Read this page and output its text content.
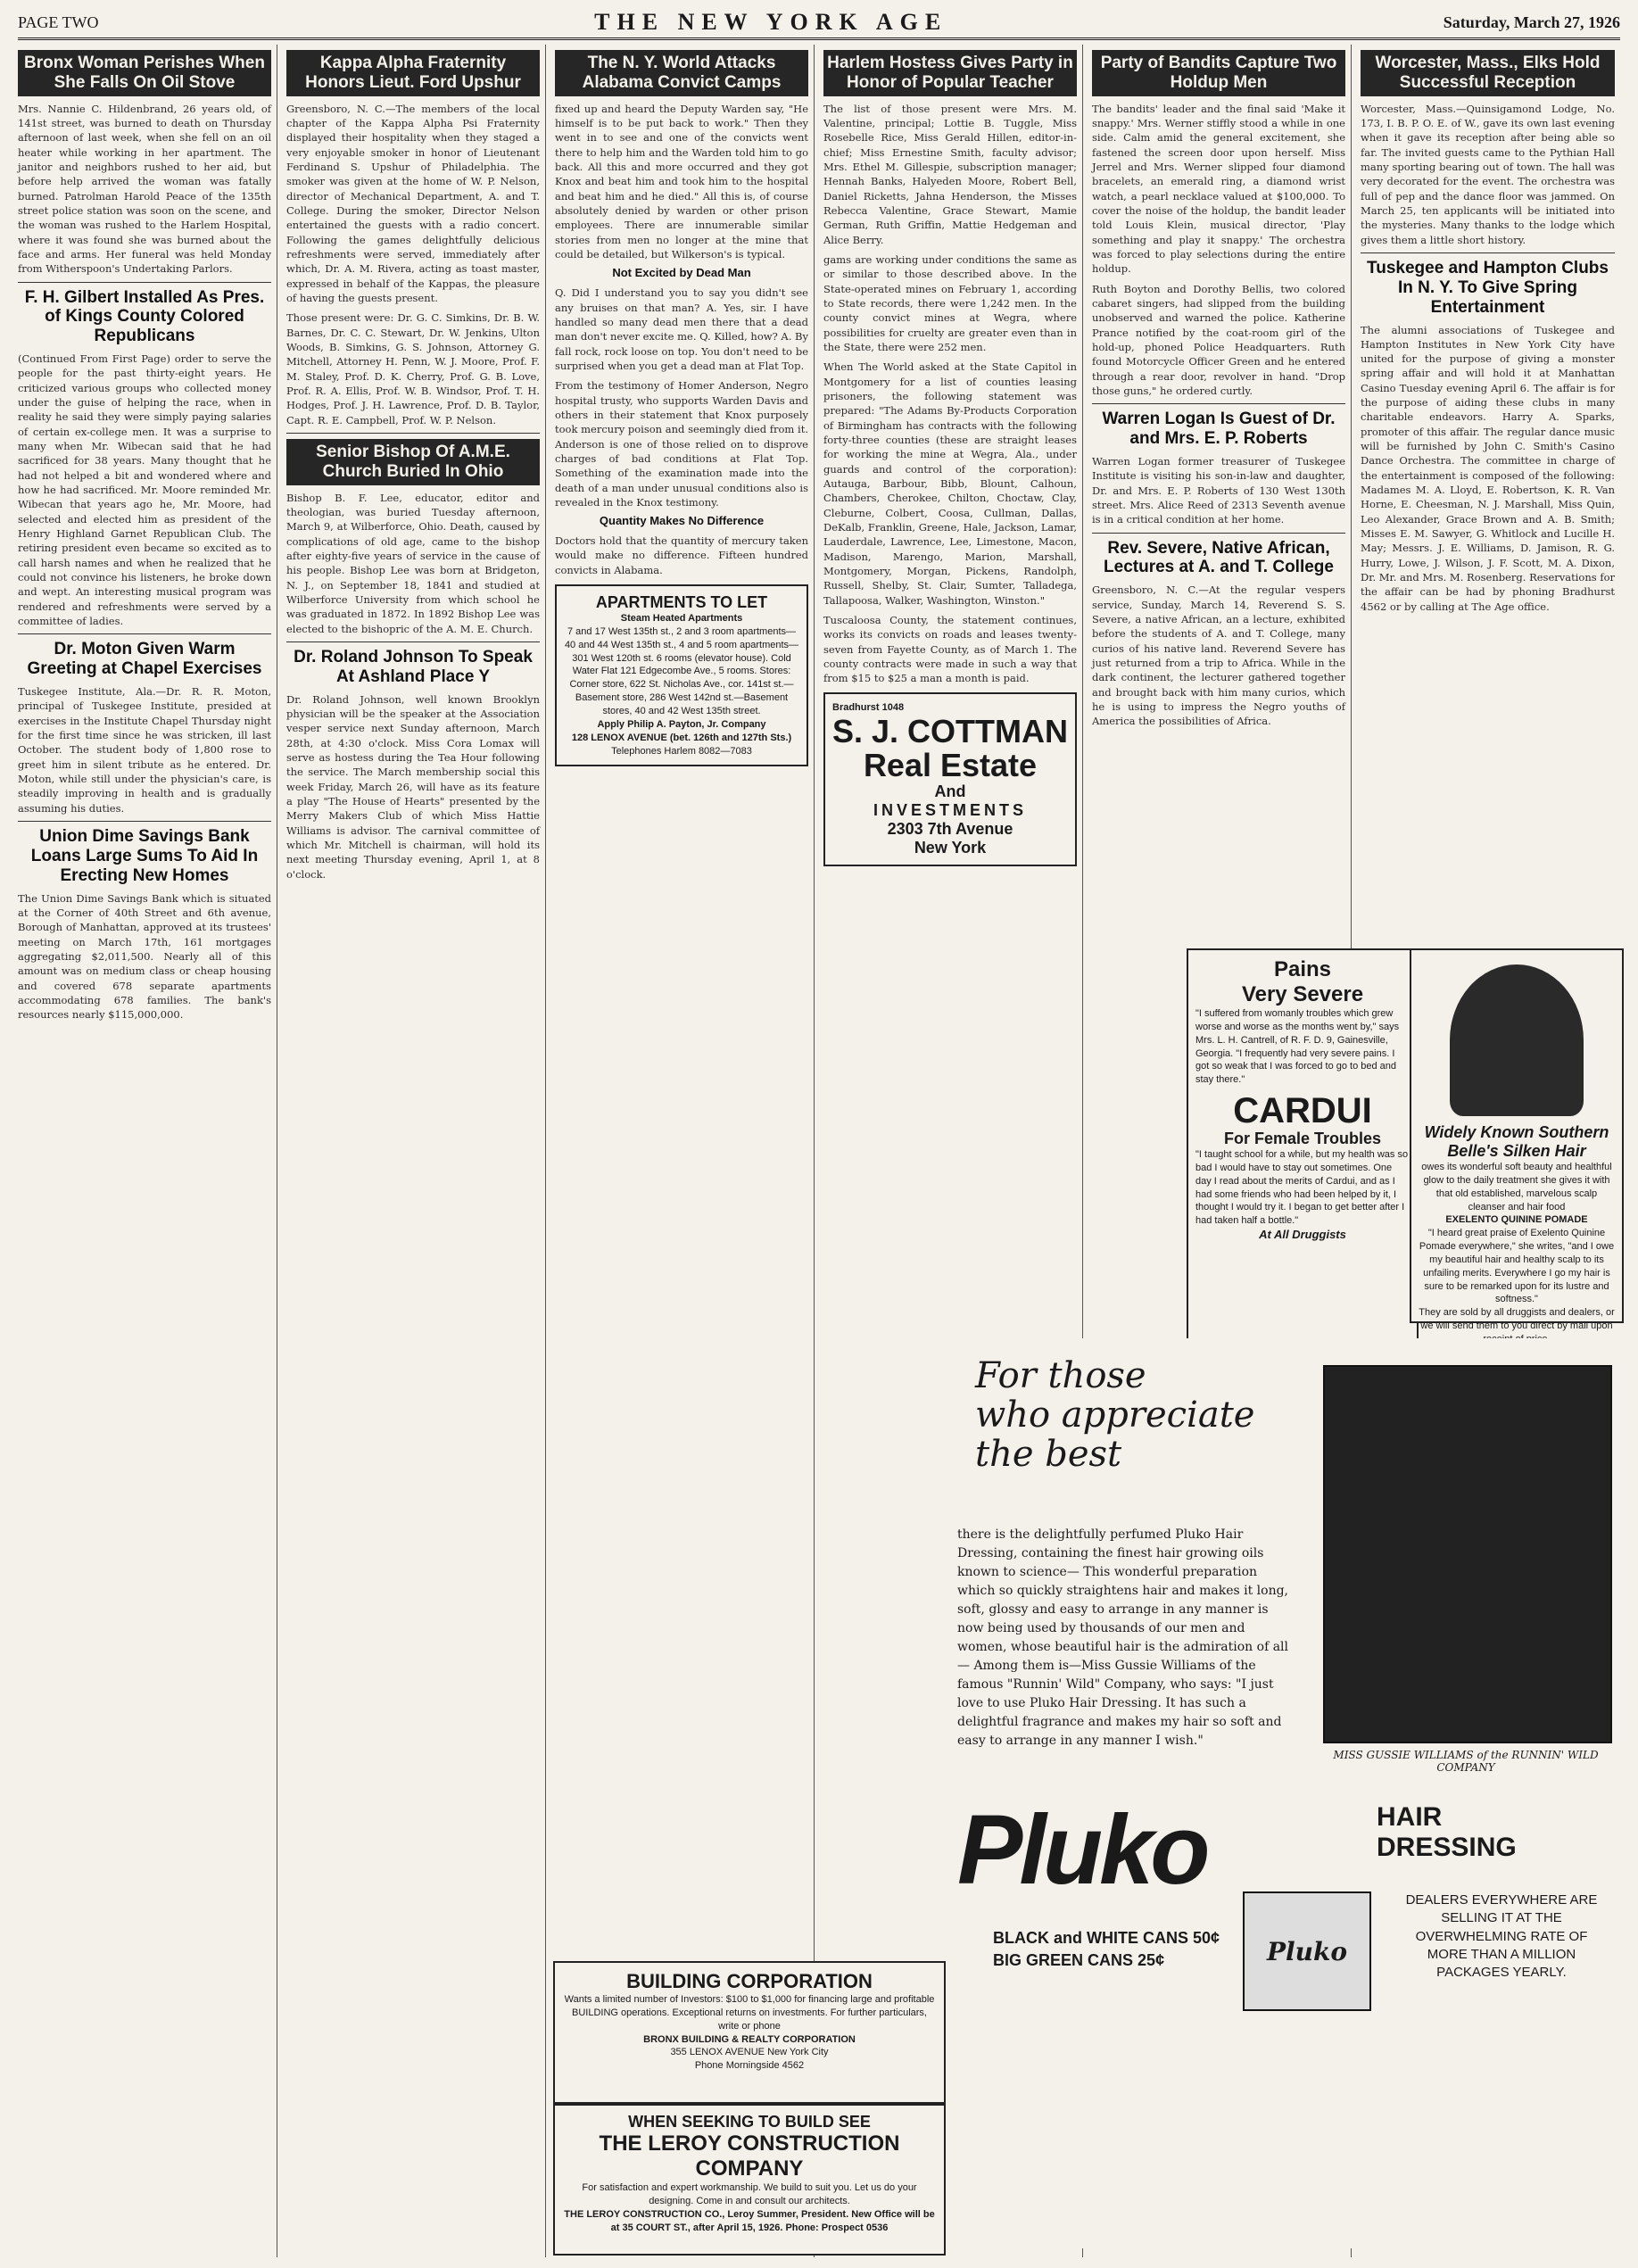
PAGE TWO	THE NEW YORK AGE	Saturday, March 27, 1926
Bronx Woman Perishes When She Falls On Oil Stove
Mrs. Nannie C. Hildenbrand, 26 years old, of 141st street, was burned to death on Thursday afternoon of last week, when she fell on an oil heater while working in her apartment. The janitor and neighbors rushed to her aid, but before help arrived the woman was fatally burned. Patrolman Harold Peace of the 135th street police station was soon on the scene, and the woman was rushed to the Harlem Hospital, where it was found she was burned about the face and arms. Her funeral was held Monday from Witherspoon's Undertaking Parlors.
F. H. Gilbert Installed As Pres. of Kings County Colored Republicans
(Continued From First Page) order to serve the people for the past thirty-eight years. He criticized various groups who collected money under the guise of helping the race, when in reality he said they were simply paying salaries of certain ex-college men. It was a surprise to many when Mr. Wibecan said that he had sacrificed for 38 years. Many thought that he had not helped a bit and wondered where and how he had sacrificed. Mr. Moore reminded Mr. Wibecan that years ago he, Mr. Moore, had selected and elected him as president of the Henry Highland Garnet Republican Club. The retiring president even became so excited as to call harsh names and when he realized that he could not convince his listeners, he broke down and wept. An interesting musical program was rendered and refreshments were served by a committee of ladies.
Dr. Moton Given Warm Greeting at Chapel Exercises
Tuskegee Institute, Ala.—Dr. R. R. Moton, principal of Tuskegee Institute, presided at exercises in the Institute Chapel Thursday night for the first time since he was stricken, ill last October. The student body of 1,800 rose to greet him in silent tribute as he entered. Dr. Moton, while still under the physician's care, is steadily improving in health and is gradually assuming his duties.
Union Dime Savings Bank Loans Large Sums To Aid In Erecting New Homes
The Union Dime Savings Bank which is situated at the Corner of 40th Street and 6th avenue, Borough of Manhattan, approved at its trustees' meeting on March 17th, 161 mortgages aggregating $2,011,500. Nearly all of this amount was on medium class or cheap housing and covered 678 separate apartments accommodating 678 families. The bank's resources nearly $115,000,000.
Kappa Alpha Fraternity Honors Lieut. Ford Upshur
Greensboro, N. C.—The members of the local chapter of the Kappa Alpha Psi Fraternity displayed their hospitality when they staged a very enjoyable smoker in honor of Lieutenant Ferdinand S. Upshur of Philadelphia. The smoker was given at the home of W. P. Nelson, director of Mechanical Department, A. and T. College. During the smoker, Director Nelson entertained the guests with a radio concert. Following the games delightfully delicious refreshments were served, immediately after which, Dr. A. M. Rivera, acting as toast master, expressed in behalf of the Kappas, the pleasure of having the guests present.
Those present were: Dr. G. C. Simkins, Dr. B. W. Barnes, Dr. C. C. Stewart, Dr. W. Jenkins, Ulton Woods, B. Simkins, G. S. Johnson, Attorney G. Mitchell, Attorney H. Penn, W. J. Moore, Prof. F. M. Staley, Prof. D. K. Cherry, Prof. G. B. Love, Prof. R. A. Ellis, Prof. W. B. Windsor, Prof. T. H. Hodges, Prof. J. H. Lawrence, Prof. D. B. Taylor, Capt. R. E. Campbell, Prof. W. P. Nelson.
Senior Bishop Of A.M.E. Church Buried In Ohio
Bishop B. F. Lee, educator, editor and theologian, was buried Tuesday afternoon, March 9, at Wilberforce, Ohio. Death, caused by complications of old age, came to the bishop after eighty-five years of service in the cause of his people. Bishop Lee was born at Bridgeton, N. J., on September 18, 1841 and studied at Wilberforce University from which school he was graduated in 1872. In 1892 Bishop Lee was elected to the bishopric of the A. M. E. Church.
Dr. Roland Johnson To Speak At Ashland Place Y
Dr. Roland Johnson, well known Brooklyn physician will be the speaker at the Association vesper service next Sunday afternoon, March 28th, at 4:30 o'clock. Miss Cora Lomax will serve as hostess during the Tea Hour following the service. The March membership social this week Friday, March 26, will have as its feature a play "The House of Hearts" presented by the Merry Makers Club of which Miss Hattie Williams is advisor. The carnival committee of which Mr. Mitchell is chairman, will hold its next meeting Thursday evening, April 1, at 8 o'clock.
The N. Y. World Attacks Alabama Convict Camps
fixed up and heard the Deputy Warden say, "He himself is to be put back to work." Then they went in to see and one of the convicts went there to help him and the Warden told him to go back. All this and more occurred and they got Knox and beat him and took him to the hospital and beat him and he died." All this is, of course absolutely denied by warden or other prison employees. There are innumerable similar stories from men no longer at the mine that could be detailed, but Wilkerson's is typical.
Not Excited by Dead Man
Q. Did I understand you to say you didn't see any bruises on that man? A. Yes, sir. I have handled so many dead men there that a dead man don't never excite me. Q. Killed, how? A. By fall rock, rock loose on top. You don't need to be surprised when you get a dead man at Flat Top.
From the testimony of Homer Anderson, Negro hospital trusty, who supports Warden Davis and others in their statement that Knox purposely took mercury poison and seemingly died from it. Anderson is one of those relied on to disprove charges of bad conditions at Flat Top. Something of the examination made into the death of a man under unusual conditions also is revealed in the Knox testimony.
Quantity Makes No Difference
Doctors hold that the quantity of mercury taken would make no difference. Fifteen hundred convicts in Alabama.
APARTMENTS TO LET
Steam Heated Apartments
7 and 17 West 135th st., 2 and 3 room apartments—40 and 44 West 135th st., 4 and 5 room apartments—301 West 120th st. 6 rooms (elevator house). Cold Water Flat 121 Edgecombe Ave., 5 rooms. Stores: Corner store, 622 St. Nicholas Ave., cor. 141st st.—Basement store, 286 West 142nd st.—Basement stores, 40 and 42 West 135th street.
Apply Philip A. Payton, Jr. Company
128 LENOX AVENUE (bet. 126th and 127th Sts.)
Telephones Harlem 8082—7083
Harlem Hostess Gives Party in Honor of Popular Teacher
The list of those present were Mrs. M. Valentine, principal; Lottie B. Tuggle, Miss Rosebelle Rice, Miss Gerald Hillen, editor-in-chief; Miss Ernestine Smith, faculty advisor; Mrs. Ethel M. Gillespie, subscription manager; Hennah Banks, Halyeden Moore, Robert Bell, Daniel Ricketts, Jahna Henderson, the Misses Rebecca Valentine, Grace Stewart, Mamie German, Ruth Griffin, Mattie Hedgeman and Alice Berry.
gams are working under conditions the same as or similar to those described above. In the State-operated mines on February 1, according to State records, there were 1,242 men. In the county convict mines at Wegra, where possibilities for cruelty are greater even than in the State, there were 252 men.
When The World asked at the State Capitol in Montgomery for a list of counties leasing prisoners, the following statement was prepared: "The Adams By-Products Corporation of Birmingham has contracts with the following forty-three counties (these are straight leases for working the mine at Wegra, Ala., under guards and control of the corporation): Autauga, Barbour, Bibb, Blount, Calhoun, Chambers, Cherokee, Chilton, Choctaw, Clay, Cleburne, Colbert, Coosa, Cullman, Dallas, DeKalb, Franklin, Greene, Hale, Jackson, Lamar, Lauderdale, Lawrence, Lee, Limestone, Macon, Madison, Marengo, Marion, Marshall, Montgomery, Morgan, Pickens, Randolph, Russell, Shelby, St. Clair, Sumter, Talladega, Tallapoosa, Walker, Washington, Winston."
Tuscaloosa County, the statement continues, works its convicts on roads and leases twenty-seven from Fayette County, as of March 1. The county contracts were made in such a way that from $15 to $25 a man a month is paid.
Bradhurst 1048
S. J. COTTMAN
Real Estate
And
INVESTMENTS
2303 7th Avenue
New York
Party of Bandits Capture Two Holdup Men
The bandits' leader and the final said 'Make it snappy.' Mrs. Werner stiffly stood a while in one side. Calm amid the general excitement, she fastened the screen door upon herself. Miss Jerrel and Mrs. Werner slipped four diamond bracelets, an emerald ring, a diamond wrist watch, a pearl necklace valued at $100,000. To cover the noise of the holdup, the bandit leader told Louis Klein, musical director, 'Play something and play it snappy.' The orchestra was forced to play selections during the entire holdup.
Ruth Boyton and Dorothy Bellis, two colored cabaret singers, had slipped from the building unobserved and warned the police. Katherine Prance notified by the coat-room girl of the hold-up, phoned Police Headquarters. Ruth found Motorcycle Officer Green and he entered through a rear door, revolver in hand. "Drop those guns," he ordered curtly.
Warren Logan Is Guest of Dr. and Mrs. E. P. Roberts
Warren Logan former treasurer of Tuskegee Institute is visiting his son-in-law and daughter, Dr. and Mrs. E. P. Roberts of 130 West 130th street. Mrs. Alice Reed of 2313 Seventh avenue is in a critical condition at her home.
Rev. Severe, Native African, Lectures at A. and T. College
Greensboro, N. C.—At the regular vespers service, Sunday, March 14, Reverend S. S. Severe, a native African, an a lecture, exhibited before the students of A. and T. College, many curios of his native land. Reverend Severe has just returned from a trip to Africa. While in the dark continent, the lecturer gathered together and brought back with him many curios, which he is using to impress the Negro youths of America the possibilities of Africa.
Worcester, Mass., Elks Hold Successful Reception
Worcester, Mass.—Quinsigamond Lodge, No. 173, I. B. P. O. E. of W., gave its own last evening when it gave its reception after being able so far. The invited guests came to the Pythian Hall many sporting bearing out of town. The hall was very decorated for the event. The orchestra was full of pep and the dance floor was jammed. On March 25, ten applicants will be initiated into the mysteries. Many thanks to the lodge which gives them a little short history.
Tuskegee and Hampton Clubs In N. Y. To Give Spring Entertainment
The alumni associations of Tuskegee and Hampton Institutes in New York City have united for the purpose of giving a monster spring affair and will hold it at Manhattan Casino Tuesday evening April 6. The affair is for the purpose of aiding these clubs in many charitable endeavors. Harry A. Sparks, promoter of this affair. The regular dance music will be furnished by John C. Smith's Casino Dance Orchestra. The committee in charge of the entertainment is composed of the following: Madames M. A. Lloyd, E. Robertson, K. R. Van Horne, E. Cheesman, N. J. Marshall, Miss Quin, Leo Alexander, Grace Brown and A. B. Smith; Misses E. M. Sawyer, G. Whitlock and Lucille H. May; Messrs. J. E. Williams, D. Jamison, R. G. Hurry, Lowe, J. Wilson, J. F. Scott, M. A. Dixon, Dr. Mr. and Mrs. M. Rosenberg. Reservations for the affair can be had by phoning Bradhurst 4562 or by calling at The Age office.
Pains
Very Severe
"I suffered from womanly troubles which grew worse and worse as the months went by," says Mrs. L. H. Cantrell, of R. F. D. 9, Gainesville, Georgia. "I frequently had very severe pains. I got so weak that I was forced to go to bed and stay there."
CARDUI
For Female Troubles
"I taught school for a while, but my health was so bad I would have to stay out sometimes. One day I read about the merits of Cardui, and as I had some friends who had been helped by it, I thought I would try it. I began to get better after I had taken half a bottle."
At All Druggists
Widely Known Southern Belle's Silken Hair
owes its wonderful soft beauty and healthful glow to the daily treatment she gives it with that old established, marvelous scalp cleanser and hair food
EXELENTO QUININE POMADE
"I heard great praise of Exelento Quinine Pomade everywhere," she writes, "and I owe my beautiful hair and healthy scalp to its unfailing merits. Everywhere I go my hair is sure to be remarked upon for its lustre and softness."
They are sold by all druggists and dealers, or we will send them to you direct by mail upon
BUILDING CORPORATION
Wants a limited number of Investors: $100 to $1,000 for financing large and profitable BUILDING operations. Exceptional returns on investments. For further particulars, write or phone
BRONX BUILDING & REALTY CORPORATION
355 LENOX AVENUE New York City
Phone Morningside 4562
WHEN SEEKING TO BUILD SEE
THE LEROY CONSTRUCTION COMPANY
For satisfaction and expert workmanship. We build to suit you. Let us do your designing. Come in and consult our architects.
THE LEROY CONSTRUCTION CO., Leroy Summer, President. New Office will be at 35 COURT ST., after April 15, 1926. Phone: Prospect 0536
For those
who appreciate
the best
there is the delightfully perfumed Pluko Hair Dressing, containing the finest hair growing oils known to science— This wonderful preparation which so quickly straightens hair and makes it long, soft, glossy and easy to arrange in any manner is now being used by thousands of our men and women, whose beautiful hair is the admiration of all— Among them is—Miss Gussie Williams of the famous "Runnin' Wild" Company, who says: "I just love to use Pluko Hair Dressing. It has such a delightful fragrance and makes my hair so soft and easy to arrange in any manner I wish."
MISS GUSSIE WILLIAMS of the RUNNIN' WILD COMPANY
Pluko	HAIR
DRESSING
BLACK and WHITE CANS 50¢
BIG GREEN CANS 25¢	Pluko
DEALERS EVERYWHERE ARE SELLING IT AT THE OVERWHELMING RATE OF MORE THAN A MILLION PACKAGES YEARLY.
